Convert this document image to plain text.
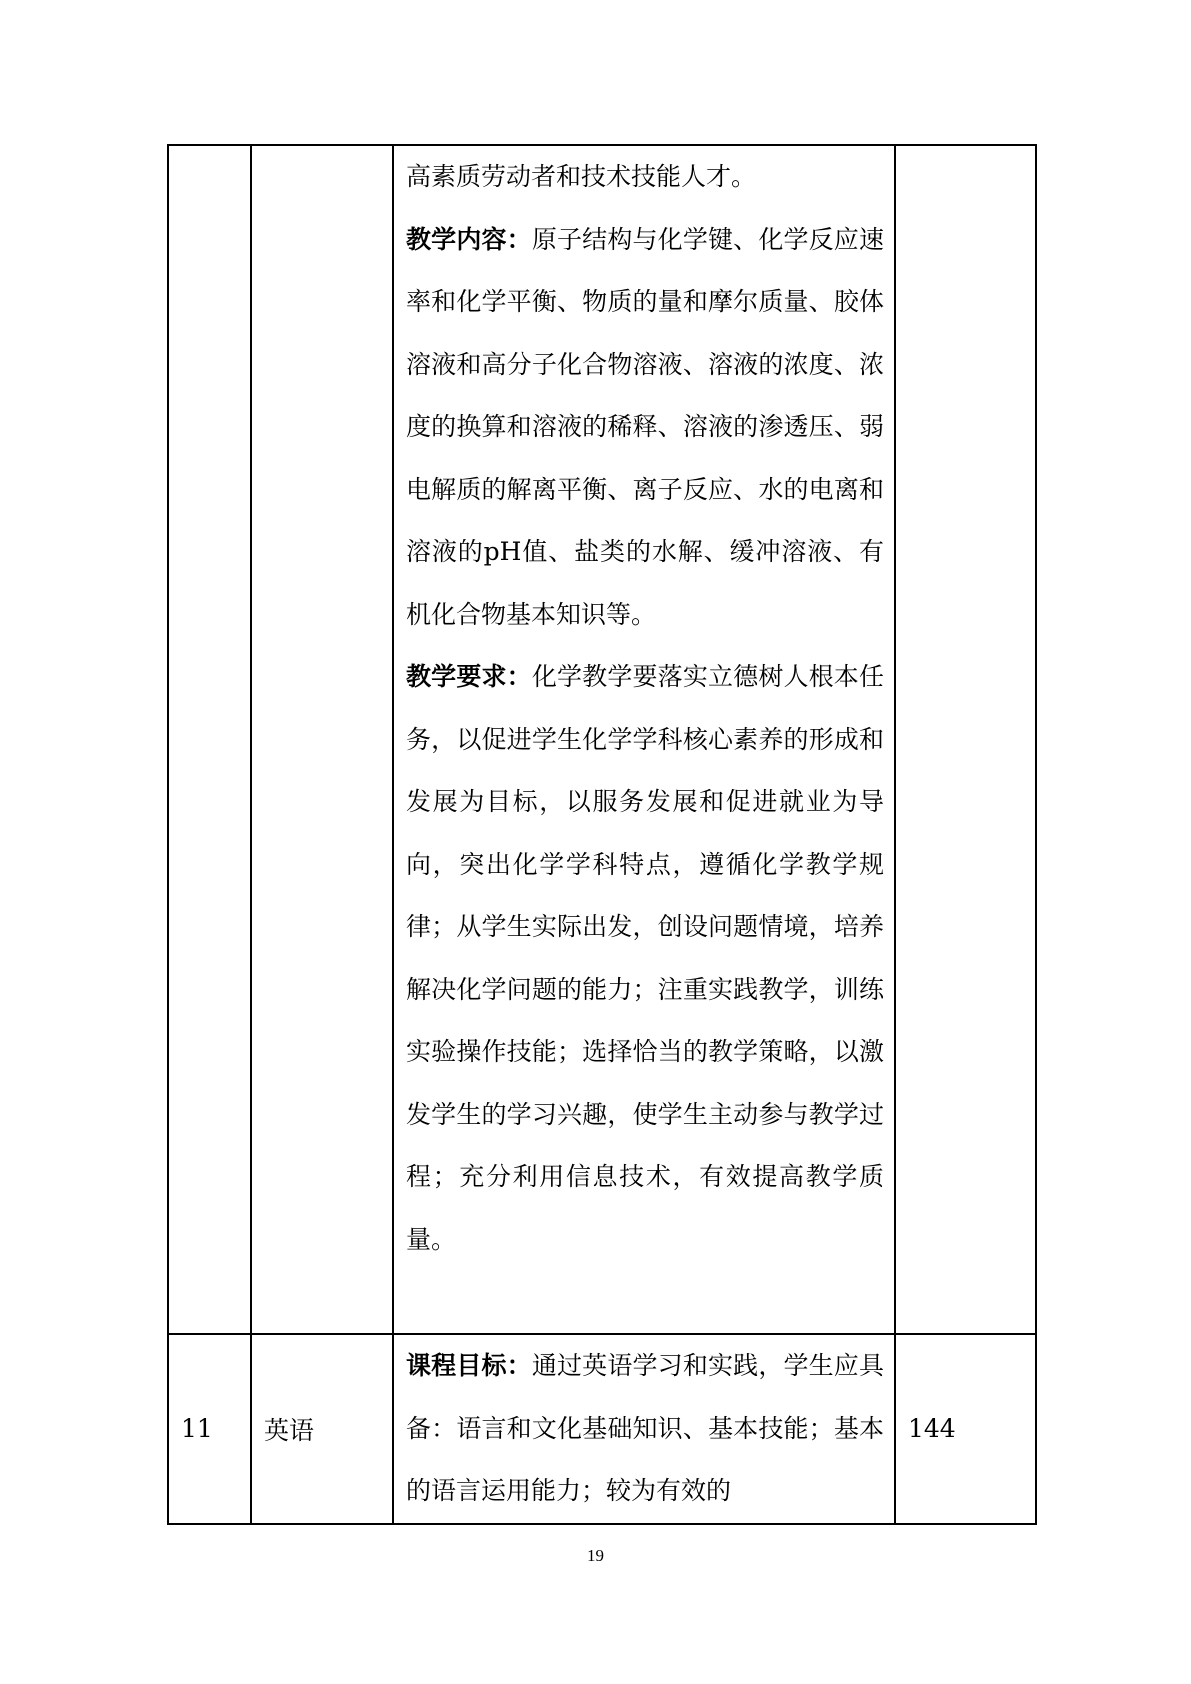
		高素质劳动者和技术技能人才。

教学内容：原子结构与化学键、化学反应速率和化学平衡、物质的量和摩尔质量、胶体溶液和高分子化合物溶液、溶液的浓度、浓度的换算和溶液的稀释、溶液的渗透压、弱电解质的解离平衡、离子反应、水的电离和溶液的pH值、盐类的水解、缓冲溶液、有机化合物基本知识等。

教学要求：化学教学要落实立德树人根本任务，以促进学生化学学科核心素养的形成和发展为目标，以服务发展和促进就业为导向，突出化学学科特点，遵循化学教学规律；从学生实际出发，创设问题情境，培养解决化学问题的能力；注重实践教学，训练实验操作技能；选择恰当的教学策略，以激发学生的学习兴趣，使学生主动参与教学过程；充分利用信息技术，有效提高教学质量。	

11	英语	课程目标：通过英语学习和实践，学生应具备：语言和文化基础知识、基本技能；基本的语言运用能力；较为有效的	144
19
